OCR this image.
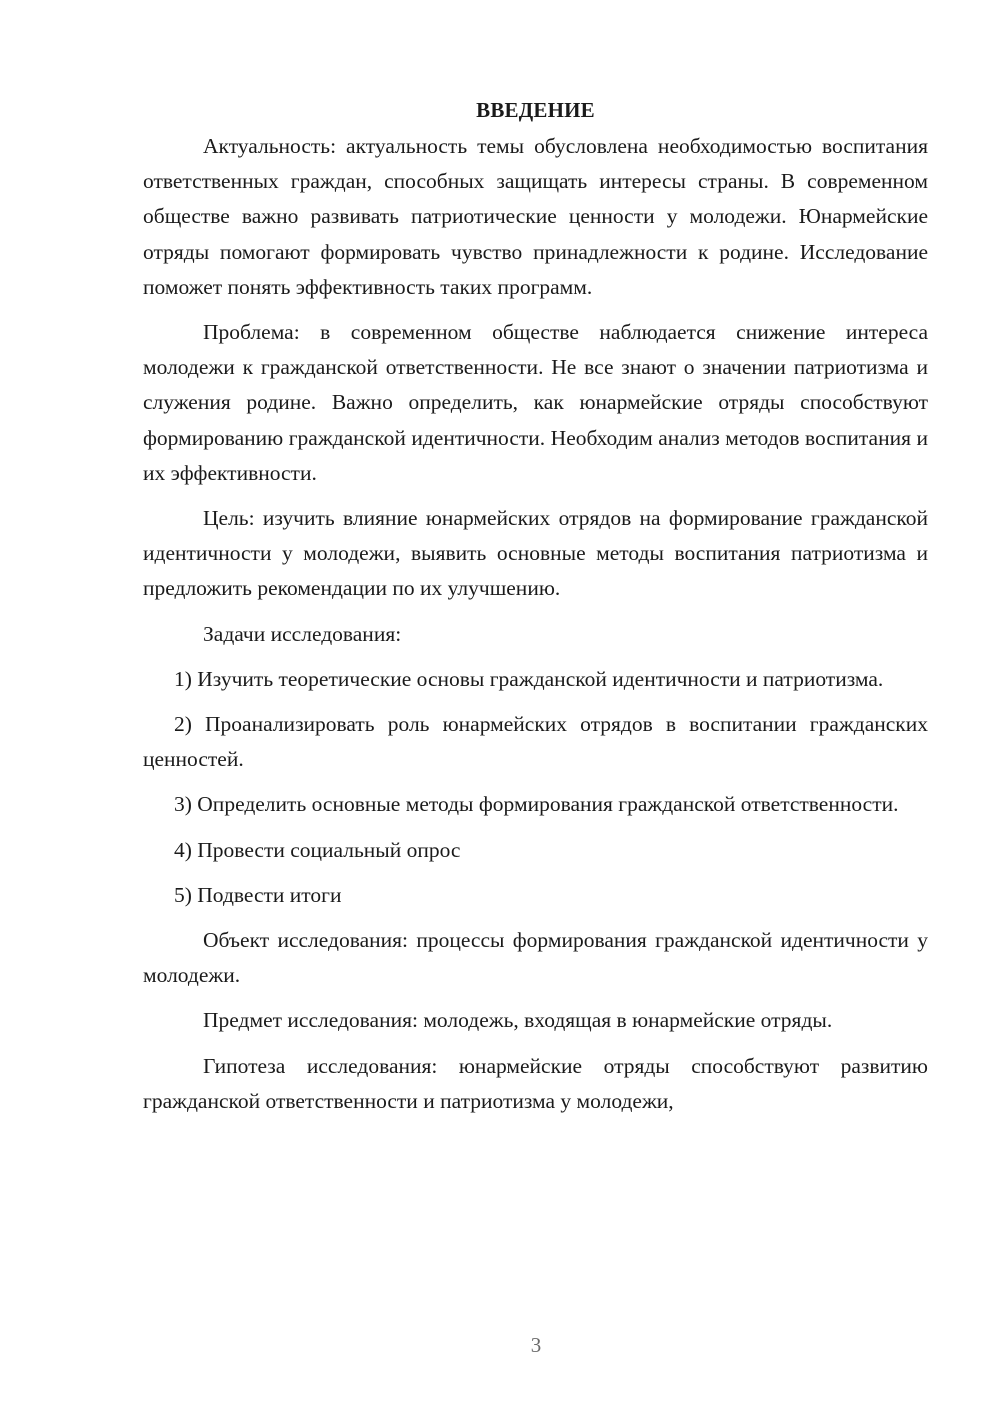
ВВЕДЕНИЕ

Актуальность: актуальность темы обусловлена необходимостью воспитания ответственных граждан, способных защищать интересы страны. В современном обществе важно развивать патриотические ценности у молодежи. Юнармейские отряды помогают формировать чувство принадлежности к родине. Исследование поможет понять эффективность таких программ.

Проблема: в современном обществе наблюдается снижение интереса молодежи к гражданской ответственности. Не все знают о значении патриотизма и служения родине. Важно определить, как юнармейские отряды способствуют формированию гражданской идентичности. Необходим анализ методов воспитания и их эффективности.

Цель: изучить влияние юнармейских отрядов на формирование гражданской идентичности у молодежи, выявить основные методы воспитания патриотизма и предложить рекомендации по их улучшению.

Задачи исследования:

1) Изучить теоретические основы гражданской идентичности и патриотизма.

2) Проанализировать роль юнармейских отрядов в воспитании гражданских ценностей.

3) Определить основные методы формирования гражданской ответственности.

4) Провести социальный опрос

5) Подвести итоги

Объект исследования: процессы формирования гражданской идентичности у молодежи.

Предмет исследования: молодежь, входящая в юнармейские отряды.

Гипотеза исследования: юнармейские отряды способствуют развитию гражданской ответственности и патриотизма у молодежи,

3
